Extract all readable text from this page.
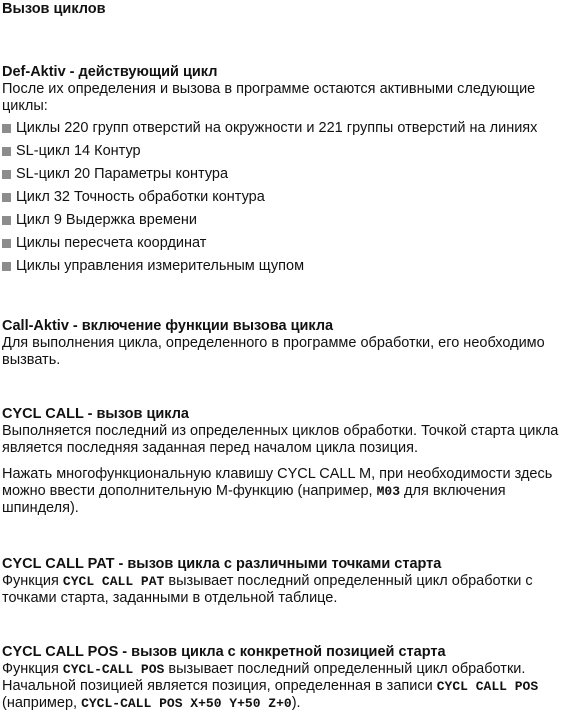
Вызов циклов
Def-Aktiv - действующий цикл

После их определения и вызова в программе остаются активными следующие циклы:

Циклы 220 групп отверстий на окружности и 221 группы отверстий на линиях
SL-цикл 14 Контур
SL-цикл 20 Параметры контура
Цикл 32 Точность обработки контура
Цикл 9 Выдержка времени
Циклы пересчета координат
Циклы управления измерительным щупом
Call-Aktiv - включение функции вызова цикла

Для выполнения цикла, определенного в программе обработки, его необходимо вызвать.

CYCL CALL - вызов цикла

Выполняется последний из определенных циклов обработки. Точкой старта цикла является последняя заданная перед началом цикла позиция.

Нажать многофункциональную клавишу CYCL CALL M, при необходимости здесь можно ввести дополнительную М-функцию (например, M03 для включения шпинделя).

CYCL CALL PAT - вызов цикла с различными точками старта

Функция CYCL CALL PAT вызывает последний определенный цикл обработки с точками старта, заданными в отдельной таблице.

CYCL CALL POS - вызов цикла с конкретной позицией старта

Функция CYCL-CALL POS вызывает последний определенный цикл обработки. Начальной позицией является позиция, определенная в записи CYCL CALL POS (например, CYCL-CALL POS X+50 Y+50 Z+0).
